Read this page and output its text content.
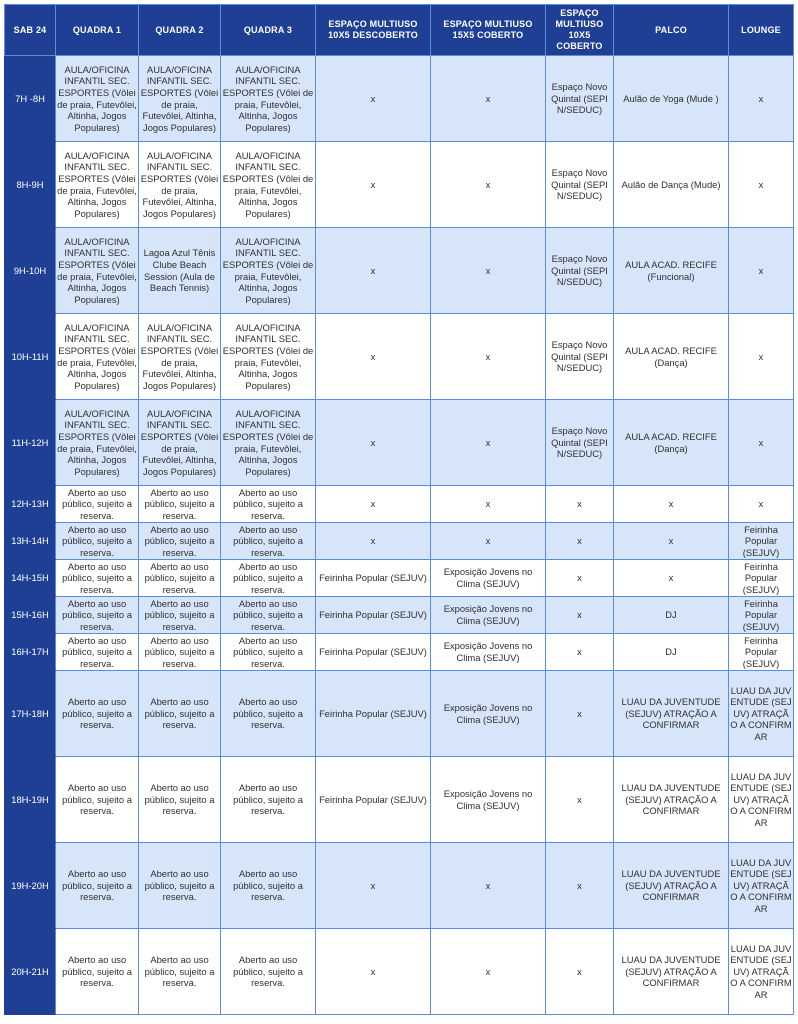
SAB 24	QUADRA 1	QUADRA 2	QUADRA 3	ESPAÇO MULTIUSO 10X5 DESCOBERTO	ESPAÇO MULTIUSO 15X5 COBERTO	ESPAÇO MULTIUSO 10X5 COBERTO	PALCO	LOUNGE
7H -8H	AULA/OFICINA INFANTIL SEC. ESPORTES (Vôlei de praia, Futevôlei, Altinha, Jogos Populares)	AULA/OFICINA INFANTIL SEC. ESPORTES (Vôlei de praia, Futevôlei, Altinha, Jogos Populares)	AULA/OFICINA INFANTIL SEC. ESPORTES (Vôlei de praia, Futevôlei, Altinha, Jogos Populares)	x	x	Espaço Novo Quintal (SEPIN/SEDUC)	Aulão de Yoga (Mude )	x
8H-9H	AULA/OFICINA INFANTIL SEC. ESPORTES (Vôlei de praia, Futevôlei, Altinha, Jogos Populares)	AULA/OFICINA INFANTIL SEC. ESPORTES (Vôlei de praia, Futevôlei, Altinha, Jogos Populares)	AULA/OFICINA INFANTIL SEC. ESPORTES (Vôlei de praia, Futevôlei, Altinha, Jogos Populares)	x	x	Espaço Novo Quintal (SEPIN/SEDUC)	Aulão de Dança (Mude)	x
9H-10H	AULA/OFICINA INFANTIL SEC. ESPORTES (Vôlei de praia, Futevôlei, Altinha, Jogos Populares)	Lagoa Azul Tênis Clube Beach Session (Aula de Beach Tennis)	AULA/OFICINA INFANTIL SEC. ESPORTES (Vôlei de praia, Futevôlei, Altinha, Jogos Populares)	x	x	Espaço Novo Quintal (SEPIN/SEDUC)	AULA ACAD. RECIFE (Funcional)	x
10H-11H	AULA/OFICINA INFANTIL SEC. ESPORTES (Vôlei de praia, Futevôlei, Altinha, Jogos Populares)	AULA/OFICINA INFANTIL SEC. ESPORTES (Vôlei de praia, Futevôlei, Altinha, Jogos Populares)	AULA/OFICINA INFANTIL SEC. ESPORTES (Vôlei de praia, Futevôlei, Altinha, Jogos Populares)	x	x	Espaço Novo Quintal (SEPIN/SEDUC)	AULA ACAD. RECIFE (Dança)	x
11H-12H	AULA/OFICINA INFANTIL SEC. ESPORTES (Vôlei de praia, Futevôlei, Altinha, Jogos Populares)	AULA/OFICINA INFANTIL SEC. ESPORTES (Vôlei de praia, Futevôlei, Altinha, Jogos Populares)	AULA/OFICINA INFANTIL SEC. ESPORTES (Vôlei de praia, Futevôlei, Altinha, Jogos Populares)	x	x	Espaço Novo Quintal (SEPIN/SEDUC)	AULA ACAD. RECIFE (Dança)	x
12H-13H	Aberto ao uso público, sujeito a reserva.	Aberto ao uso público, sujeito a reserva.	Aberto ao uso público, sujeito a reserva.	x	x	x	x	x
13H-14H	Aberto ao uso público, sujeito a reserva.	Aberto ao uso público, sujeito a reserva.	Aberto ao uso público, sujeito a reserva.	x	x	x	x	Feirinha Popular (SEJUV)
14H-15H	Aberto ao uso público, sujeito a reserva.	Aberto ao uso público, sujeito a reserva.	Aberto ao uso público, sujeito a reserva.	Feirinha Popular (SEJUV)	Exposição Jovens no Clima (SEJUV)	x	x	Feirinha Popular (SEJUV)
15H-16H	Aberto ao uso público, sujeito a reserva.	Aberto ao uso público, sujeito a reserva.	Aberto ao uso público, sujeito a reserva.	Feirinha Popular (SEJUV)	Exposição Jovens no Clima (SEJUV)	x	DJ	Feirinha Popular (SEJUV)
16H-17H	Aberto ao uso público, sujeito a reserva.	Aberto ao uso público, sujeito a reserva.	Aberto ao uso público, sujeito a reserva.	Feirinha Popular (SEJUV)	Exposição Jovens no Clima (SEJUV)	x	DJ	Feirinha Popular (SEJUV)
17H-18H	Aberto ao uso público, sujeito a reserva.	Aberto ao uso público, sujeito a reserva.	Aberto ao uso público, sujeito a reserva.	Feirinha Popular (SEJUV)	Exposição Jovens no Clima (SEJUV)	x	LUAU DA JUVENTUDE (SEJUV) ATRAÇÃO A CONFIRMAR	LUAU DA JUVENTUDE (SEJUV) ATRAÇÃO A CONFIRMAR
18H-19H	Aberto ao uso público, sujeito a reserva.	Aberto ao uso público, sujeito a reserva.	Aberto ao uso público, sujeito a reserva.	Feirinha Popular (SEJUV)	Exposição Jovens no Clima (SEJUV)	x	LUAU DA JUVENTUDE (SEJUV) ATRAÇÃO A CONFIRMAR	LUAU DA JUVENTUDE (SEJUV) ATRAÇÃO A CONFIRMAR
19H-20H	Aberto ao uso público, sujeito a reserva.	Aberto ao uso público, sujeito a reserva.	Aberto ao uso público, sujeito a reserva.	x	x	x	LUAU DA JUVENTUDE (SEJUV) ATRAÇÃO A CONFIRMAR	LUAU DA JUVENTUDE (SEJUV) ATRAÇÃO A CONFIRMAR
20H-21H	Aberto ao uso público, sujeito a reserva.	Aberto ao uso público, sujeito a reserva.	Aberto ao uso público, sujeito a reserva.	x	x	x	LUAU DA JUVENTUDE (SEJUV) ATRAÇÃO A CONFIRMAR	LUAU DA JUVENTUDE (SEJUV) ATRAÇÃO A CONFIRMAR
